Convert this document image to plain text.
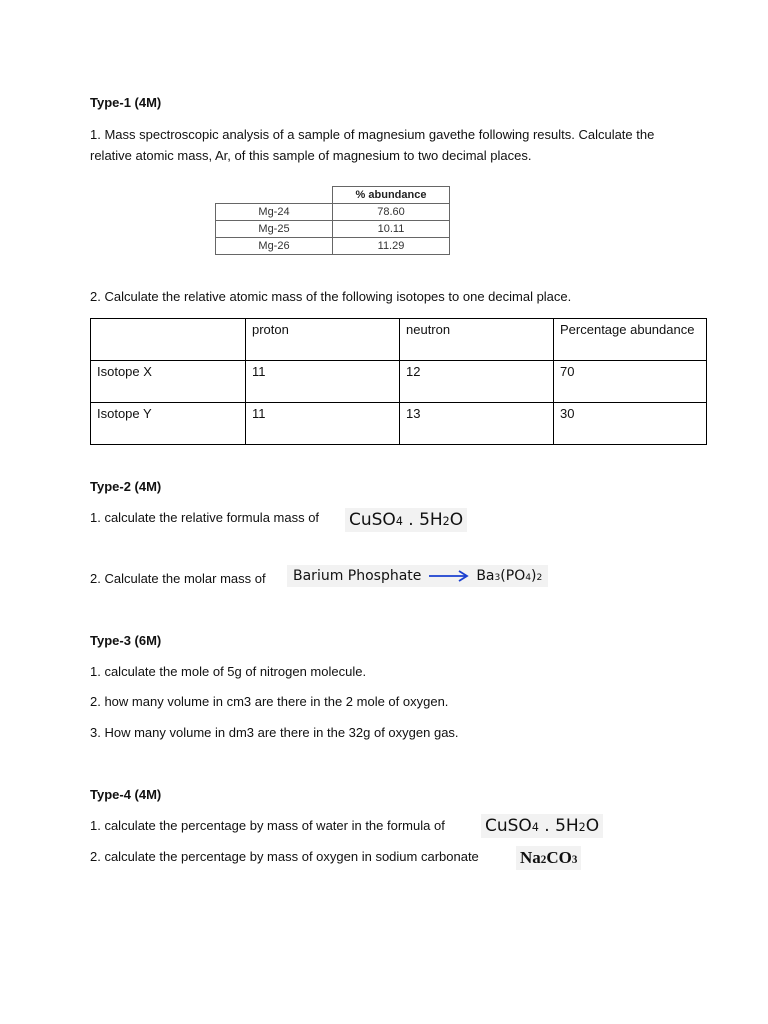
Type-1 (4M)
1. Mass spectroscopic analysis of a sample of magnesium gavethe following results. Calculate the relative atomic mass, Ar, of this sample of magnesium to two decimal places.
	% abundance
Mg-24	78.60
Mg-25	10.11
Mg-26	11.29
2. Calculate the relative atomic mass of the following isotopes to one decimal place.
	proton	neutron	Percentage abundance
Isotope X	11	12	70
Isotope Y	11	13	30
Type-2 (4M)
1. calculate the relative formula mass of CuSO$_4$ . $5H_2O$
2. Calculate the molar mass of	Barium Phosphate	$Ba_3(PO_4)_2$
Type-3 (6M)
1. calculate the mole of 5g of nitrogen molecule.
2. how many volume in cm3 are there in the 2 mole of oxygen.
3. How many volume in dm3 are there in the 32g of oxygen gas.
Type-4 (4M)
1. calculate the percentage by mass of water in the formula of CuSO$_4$ . $5H_2O$
2. calculate the percentage by mass of oxygen in sodium carbonate $Na_2CO_3$
